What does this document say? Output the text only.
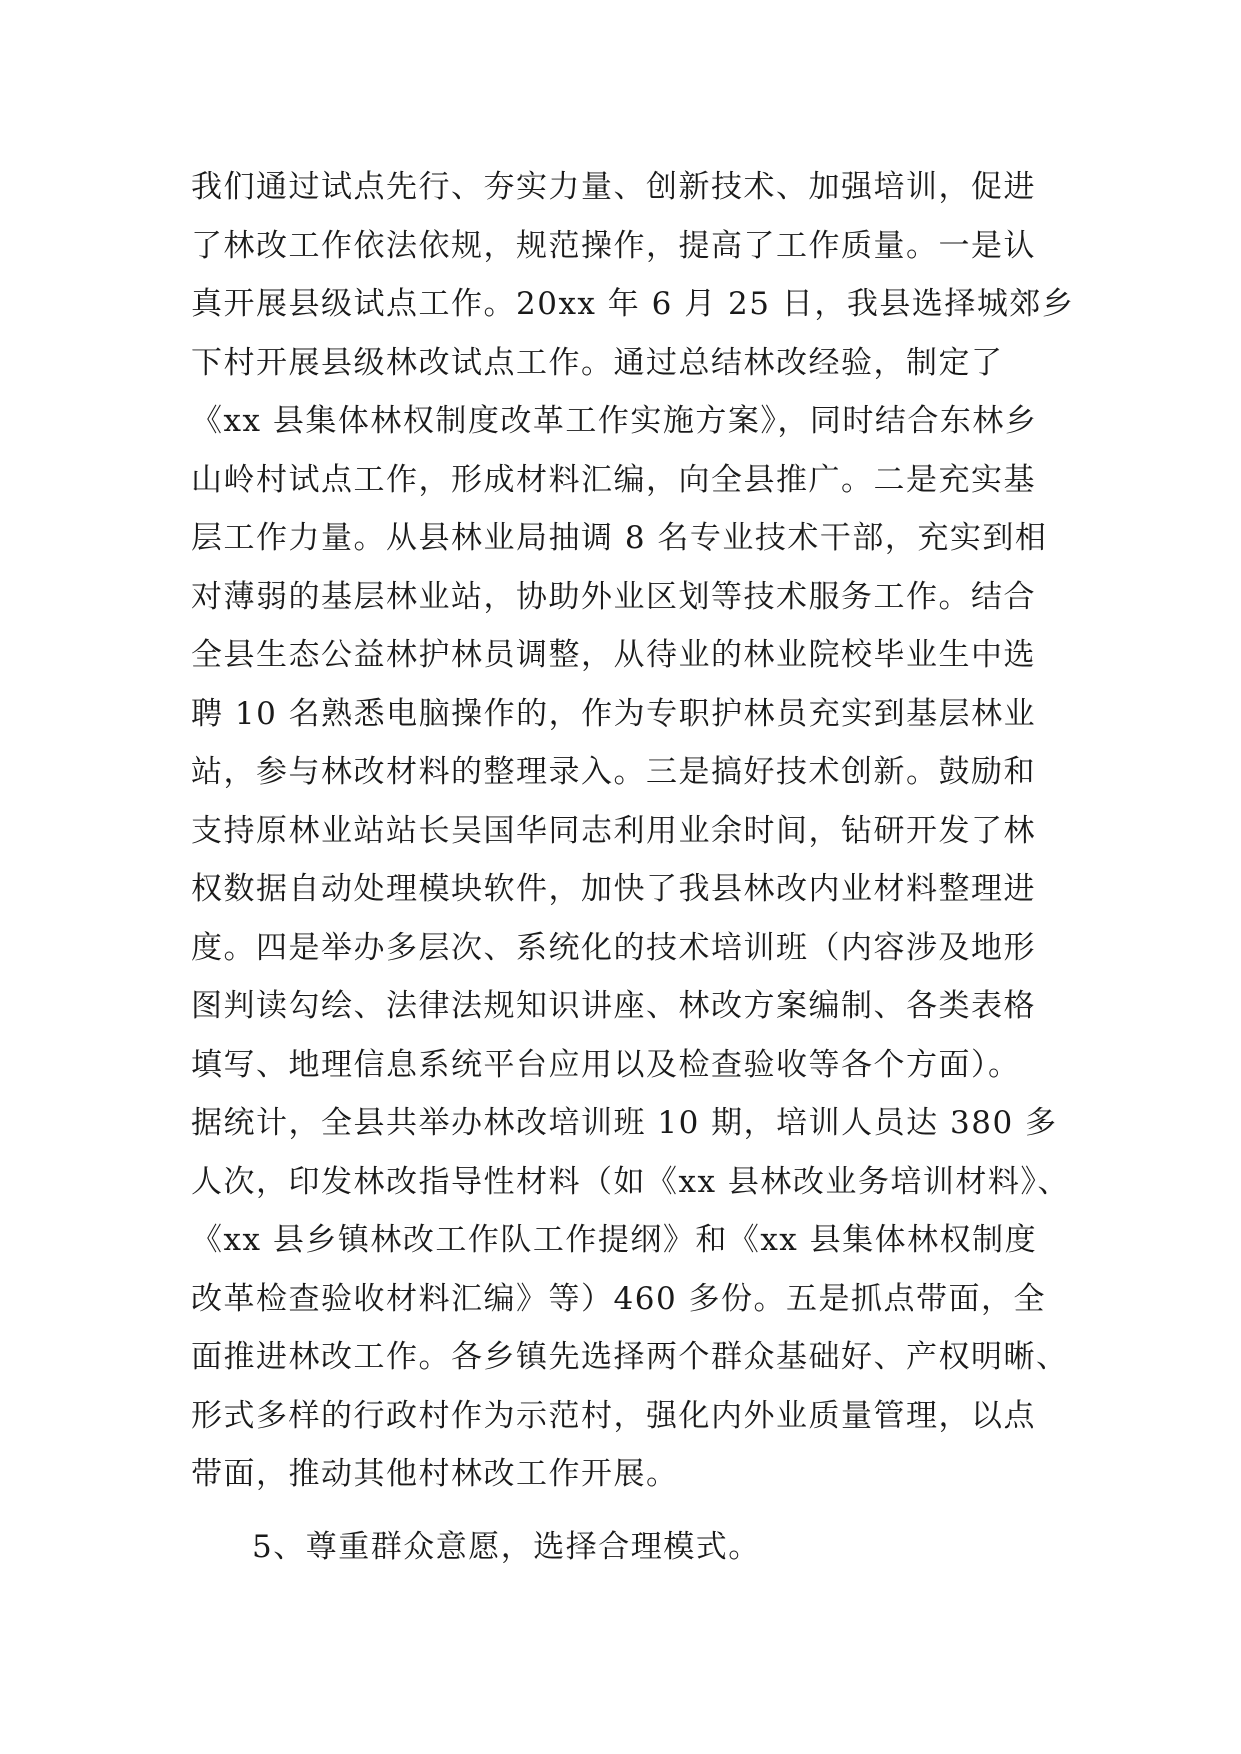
我们通过试点先行、夯实力量、创新技术、加强培训，促进
了林改工作依法依规，规范操作，提高了工作质量。一是认
真开展县级试点工作。20xx 年 6 月 25 日，我县选择城郊乡
下村开展县级林改试点工作。通过总结林改经验，制定了
《xx 县集体林权制度改革工作实施方案》，同时结合东林乡
山岭村试点工作，形成材料汇编，向全县推广。二是充实基
层工作力量。从县林业局抽调 8 名专业技术干部，充实到相
对薄弱的基层林业站，协助外业区划等技术服务工作。结合
全县生态公益林护林员调整，从待业的林业院校毕业生中选
聘 10 名熟悉电脑操作的，作为专职护林员充实到基层林业
站，参与林改材料的整理录入。三是搞好技术创新。鼓励和
支持原林业站站长吴国华同志利用业余时间，钻研开发了林
权数据自动处理模块软件，加快了我县林改内业材料整理进
度。四是举办多层次、系统化的技术培训班（内容涉及地形
图判读勾绘、法律法规知识讲座、林改方案编制、各类表格
填写、地理信息系统平台应用以及检查验收等各个方面）。
据统计，全县共举办林改培训班 10 期，培训人员达 380 多
人次，印发林改指导性材料（如《xx 县林改业务培训材料》、
《xx 县乡镇林改工作队工作提纲》和《xx 县集体林权制度
改革检查验收材料汇编》等）460 多份。五是抓点带面，全
面推进林改工作。各乡镇先选择两个群众基础好、产权明晰、
形式多样的行政村作为示范村，强化内外业质量管理，以点
带面，推动其他村林改工作开展。
5、尊重群众意愿，选择合理模式。
